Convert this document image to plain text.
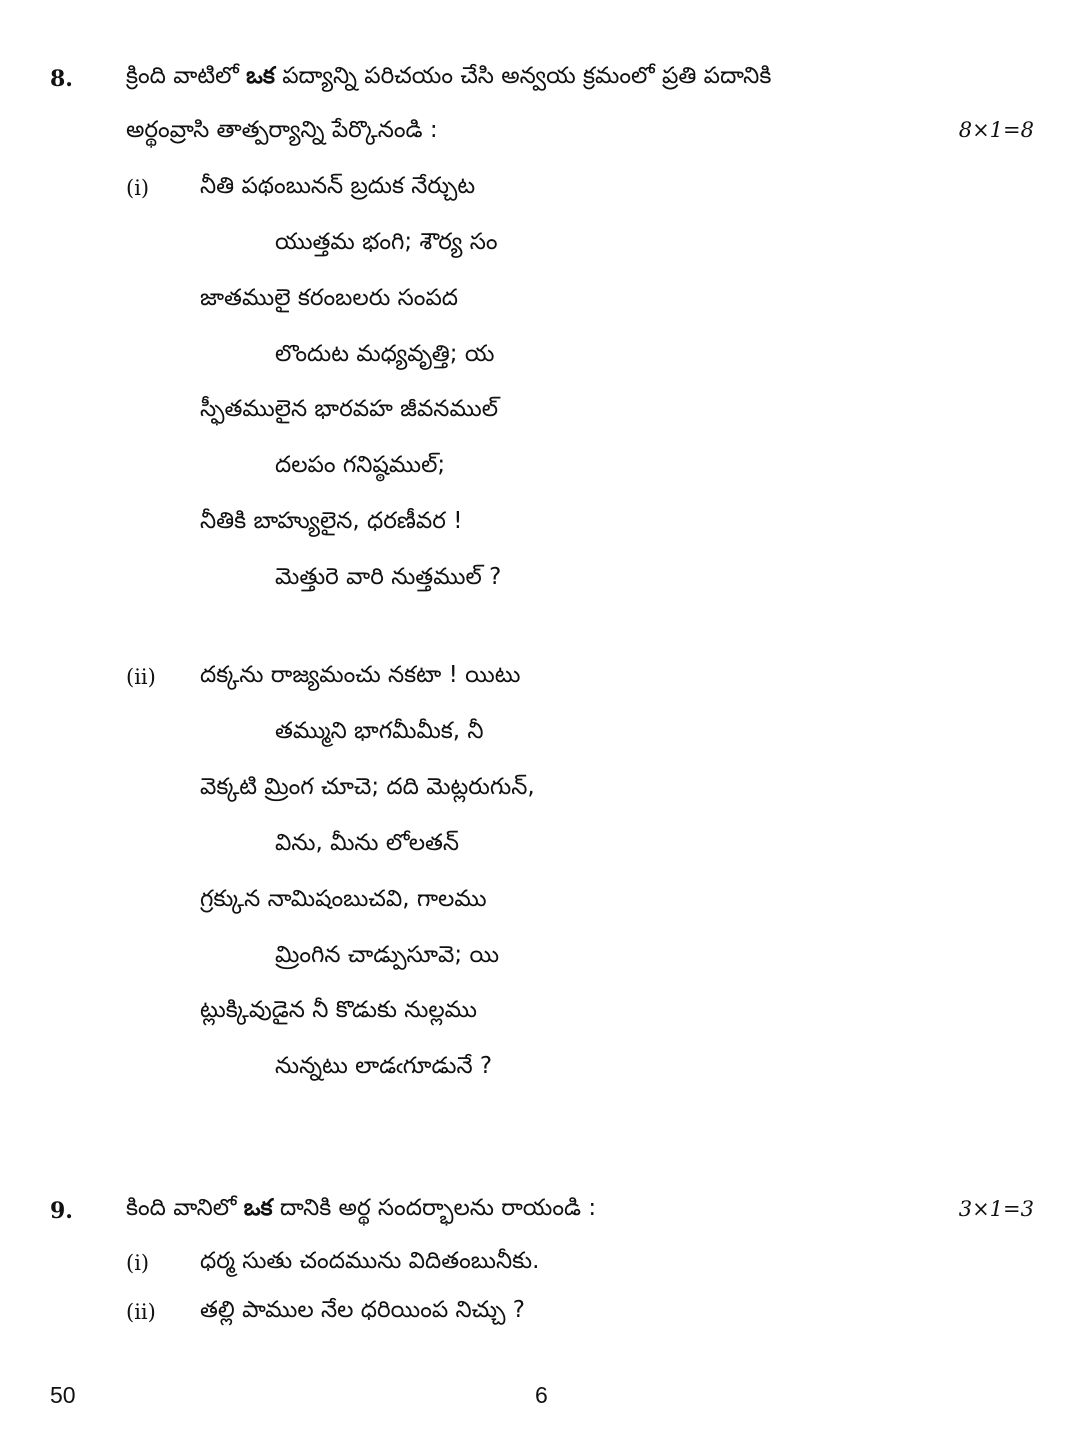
8. క్రింది వాటిలో ఒక పద్యాన్ని పరిచయం చేసి అన్వయ క్రమంలో ప్రతి పదానికి
అర్థంవ్రాసి తాత్పర్యాన్ని పేర్కొనండి :	8×1=8
(i) నీతి పథంబునన్ బ్రదుక నేర్చుట
యుత్తమ భంగి; శౌర్య సం
జాతములై కరంబలరు సంపద
లొందుట మధ్యవృత్తి; య
స్ఫీతములైన భారవహ జీవనముల్
దలపం గనిష్ఠముల్;
నీతికి బాహ్యులైన, ధరణీవర !
మెత్తురె వారి నుత్తముల్ ?
(ii) దక్కను రాజ్యమంచు నకటా ! యిటు
తమ్ముని భాగమీమీక, నీ
వెక్కటి మ్రింగ చూచె; దది మెట్లరుగున్,
విను, మీను లోలతన్
గ్రక్కున నామిషంబుచవి, గాలము
మ్రింగిన చాడ్పుసూవె; యి
ట్లుక్కివుడైన నీ కొడుకు నుల్లము
నున్నటు లాడఁగూడునే ?
9. కింది వానిలో ఒక దానికి అర్థ సందర్భాలను రాయండి :	3×1=3
(i) ధర్మ సుతు చందమును విదితంబునీకు.
(ii) తల్లి పాముల నేల ధరియింప నిచ్చు ?
50	6
